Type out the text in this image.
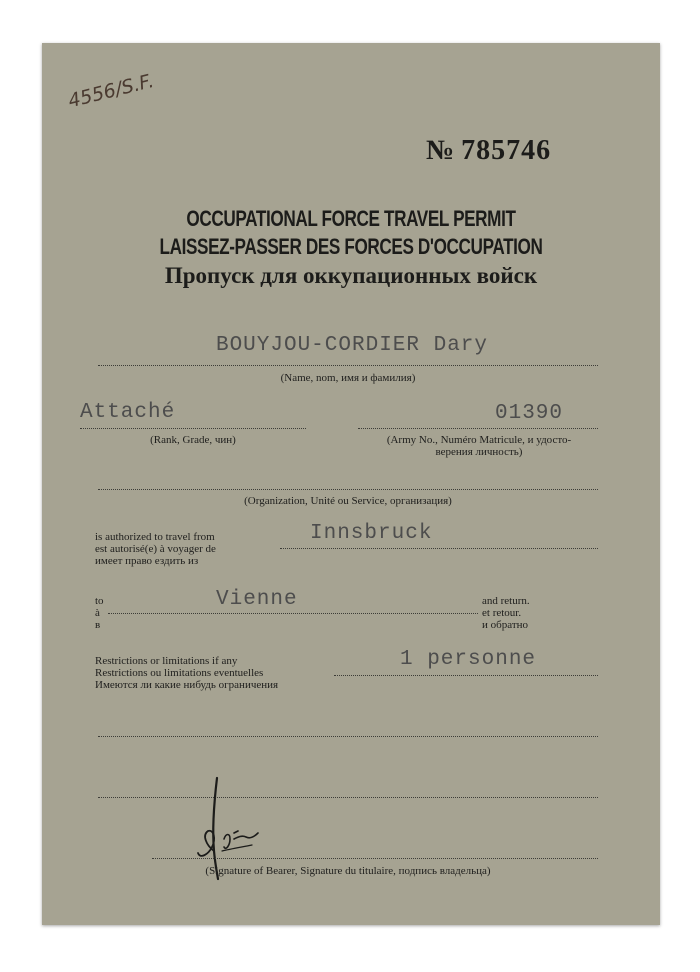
4556/S.F.
№ 785746
OCCUPATIONAL FORCE TRAVEL PERMIT
LAISSEZ-PASSER DES FORCES D'OCCUPATION
Пропуск для оккупационных войск
BOUYJOU-CORDIER Dary
(Name, nom, имя и фамилия)
Attaché
(Rank, Grade, чин)
01390
(Army No., Numéro Matricule, и удосто-
верения личность)
(Organization, Unité ou Service, организация)
is authorized to travel from
est autorisé(e) à voyager de
имеет право ездить из
Innsbruck
to
à
в
Vienne	and return.
et retour.
и обратно
Restrictions or limitations if any
Restrictions ou limitations eventuelles
Имеются ли какие нибудь ограничения
1 personne
(Signature of Bearer, Signature du titulaire, подпись владельца)
